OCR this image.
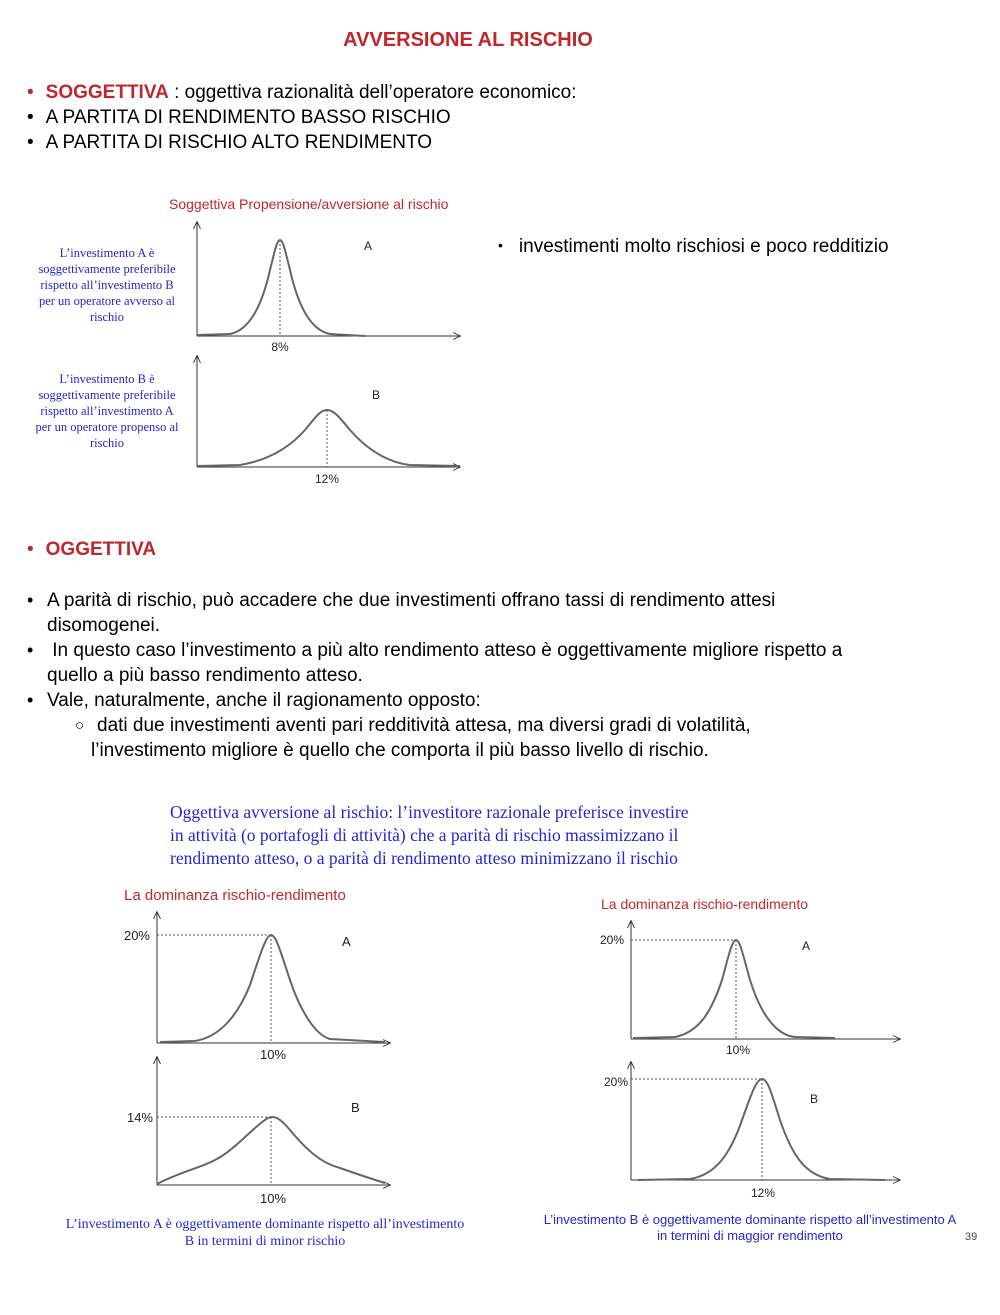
AVVERSIONE AL RISCHIO
• SOGGETTIVA : oggettiva razionalità dell’operatore economico:
• A PARTITA DI RENDIMENTO BASSO RISCHIO
• A PARTITA DI RISCHIO ALTO RENDIMENTO
Soggettiva Propensione/avversione al rischio
L’investimento A è
soggettivamente preferibile
rispetto all’investimento B
per un operatore avverso al
rischio
L’investimento B è
soggettivamente preferibile
rispetto all’investimento A
per un operatore propenso al
rischio
• investimenti molto rischiosi e poco redditizio
8%
A
12%
B
20%
10%
A
14%
10%
B
20%
10%
A
20%
12%
B
• OGGETTIVA
• A parità di rischio, può accadere che due investimenti offrano tassi di rendimento attesi
disomogenei.
• In questo caso l’investimento a più alto rendimento atteso è oggettivamente migliore rispetto a
quello a più basso rendimento atteso.
• Vale, naturalmente, anche il ragionamento opposto:
○ dati due investimenti aventi pari redditività attesa, ma diversi gradi di volatilità,
l’investimento migliore è quello che comporta il più basso livello di rischio.
Oggettiva avversione al rischio: l’investitore razionale preferisce investire
in attività (o portafogli di attività) che a parità di rischio massimizzano il
rendimento atteso, o a parità di rendimento atteso minimizzano il rischio
La dominanza rischio-rendimento	La dominanza rischio-rendimento
L’investimento A è oggettivamente dominante rispetto all’investimento
B in termini di minor rischio
L’investimento B è oggettivamente dominante rispetto all’investimento A
in termini di maggior rendimento	39
